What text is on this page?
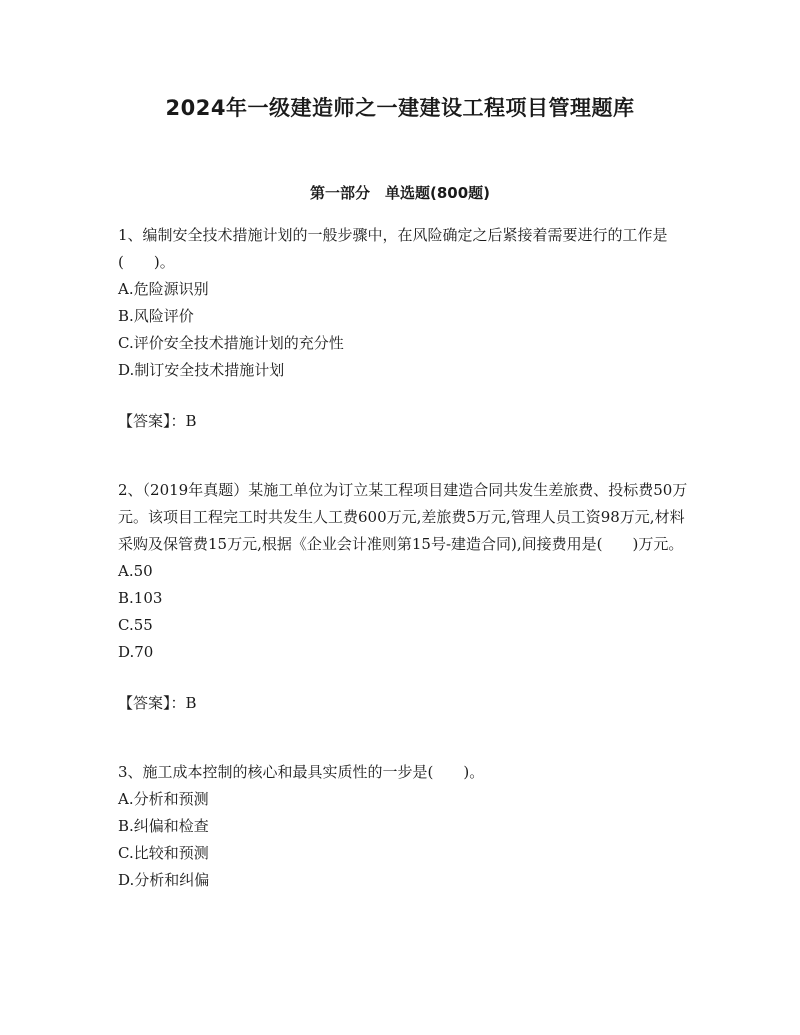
2024年一级建造师之一建建设工程项目管理题库
第一部分　单选题(800题)

1、编制安全技术措施计划的一般步骤中，在风险确定之后紧接着需要进行的工作是(　　)。

A.危险源识别

B.风险评价

C.评价安全技术措施计划的充分性

D.制订安全技术措施计划

【答案】：B

2、（2019年真题）某施工单位为订立某工程项目建造合同共发生差旅费、投标费50万元。该项目工程完工时共发生人工费600万元,差旅费5万元,管理人员工资98万元,材料采购及保管费15万元,根据《企业会计准则第15号-建造合同),间接费用是(　　)万元。

A.50

B.103

C.55

D.70

【答案】：B

3、施工成本控制的核心和最具实质性的一步是(　　)。

A.分析和预测

B.纠偏和检查

C.比较和预测

D.分析和纠偏
